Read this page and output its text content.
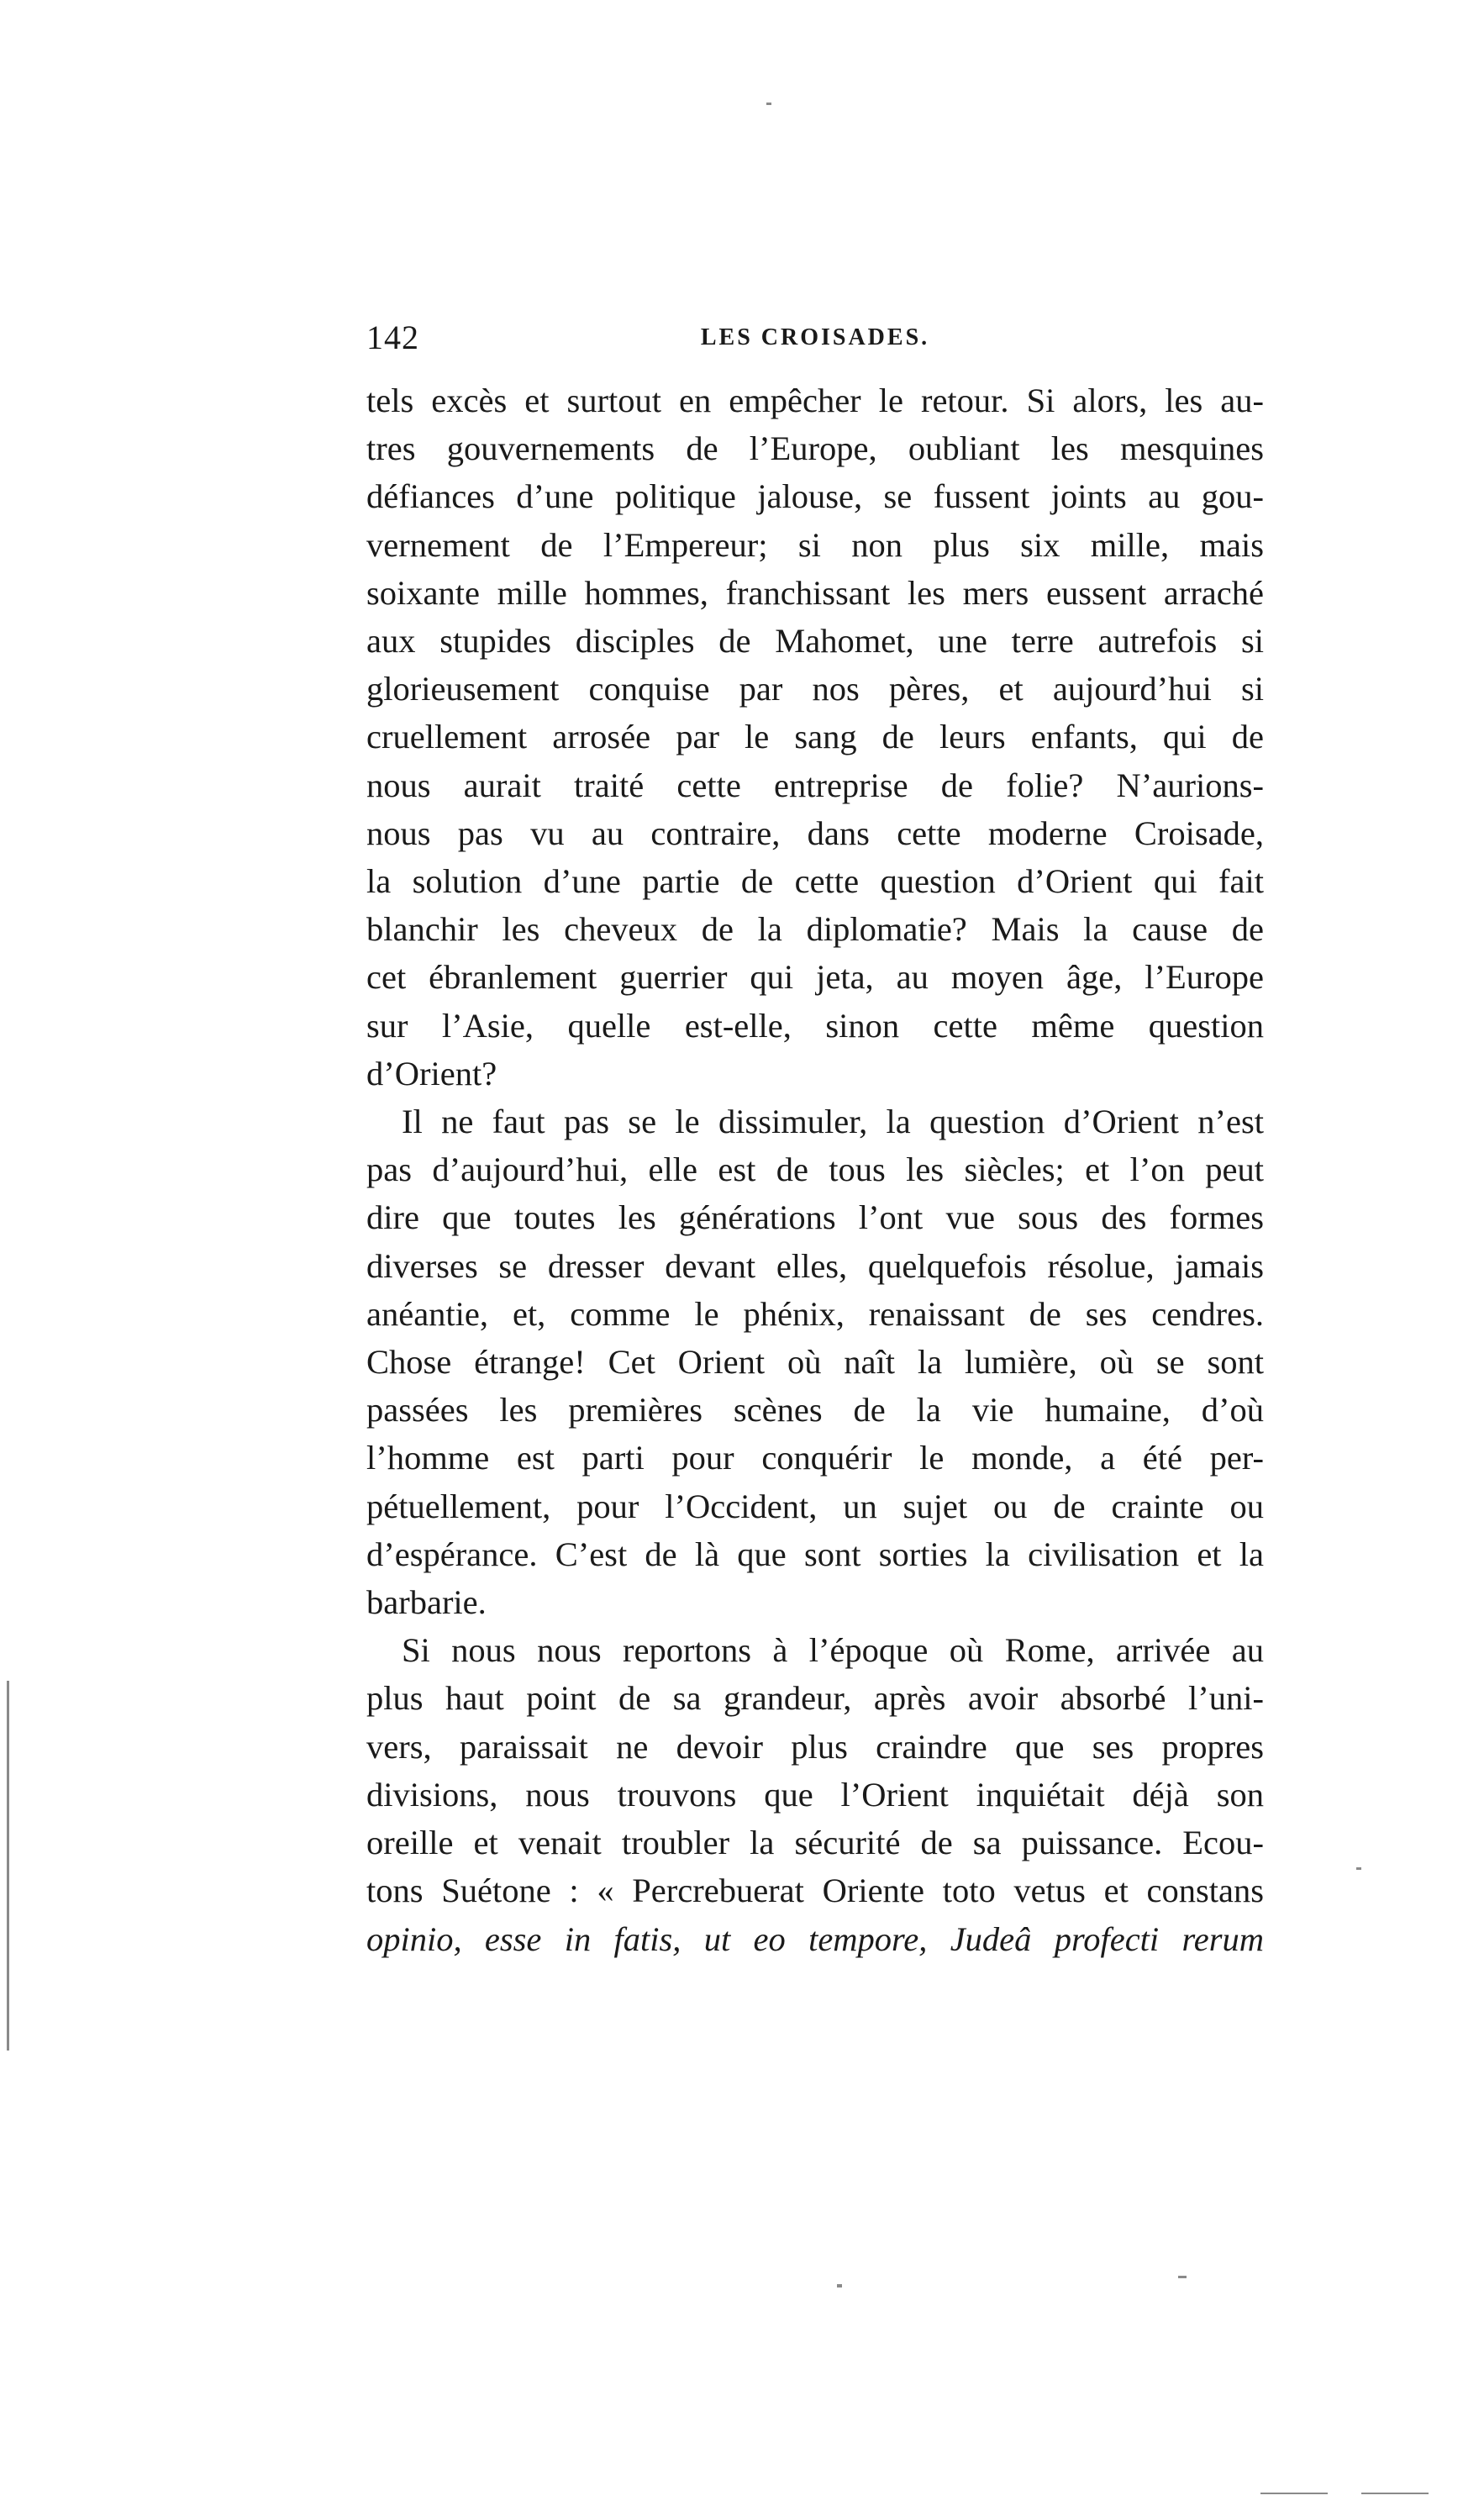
142	LES CROISADES.
tels excès et surtout en empêcher le retour. Si alors, les au-
tres gouvernements de l’Europe, oubliant les mesquines
défiances d’une politique jalouse, se fussent joints au gou-
vernement de l’Empereur; si non plus six mille, mais
soixante mille hommes, franchissant les mers eussent arraché
aux stupides disciples de Mahomet, une terre autrefois si
glorieusement conquise par nos pères, et aujourd’hui si
cruellement arrosée par le sang de leurs enfants, qui de
nous aurait traité cette entreprise de folie? N’aurions-
nous pas vu au contraire, dans cette moderne Croisade,
la solution d’une partie de cette question d’Orient qui fait
blanchir les cheveux de la diplomatie? Mais la cause de
cet ébranlement guerrier qui jeta, au moyen âge, l’Europe
sur l’Asie, quelle est-elle, sinon cette même question
d’Orient?
Il ne faut pas se le dissimuler, la question d’Orient n’est
pas d’aujourd’hui, elle est de tous les siècles; et l’on peut
dire que toutes les générations l’ont vue sous des formes
diverses se dresser devant elles, quelquefois résolue, jamais
anéantie, et, comme le phénix, renaissant de ses cendres.
Chose étrange! Cet Orient où naît la lumière, où se sont
passées les premières scènes de la vie humaine, d’où
l’homme est parti pour conquérir le monde, a été per-
pétuellement, pour l’Occident, un sujet ou de crainte ou
d’espérance. C’est de là que sont sorties la civilisation et la
barbarie.
Si nous nous reportons à l’époque où Rome, arrivée au
plus haut point de sa grandeur, après avoir absorbé l’uni-
vers, paraissait ne devoir plus craindre que ses propres
divisions, nous trouvons que l’Orient inquiétait déjà son
oreille et venait troubler la sécurité de sa puissance. Ecou-
tons Suétone : « Percrebuerat Oriente toto vetus et constans
opinio, esse in fatis, ut eo tempore, Judeâ profecti rerum
